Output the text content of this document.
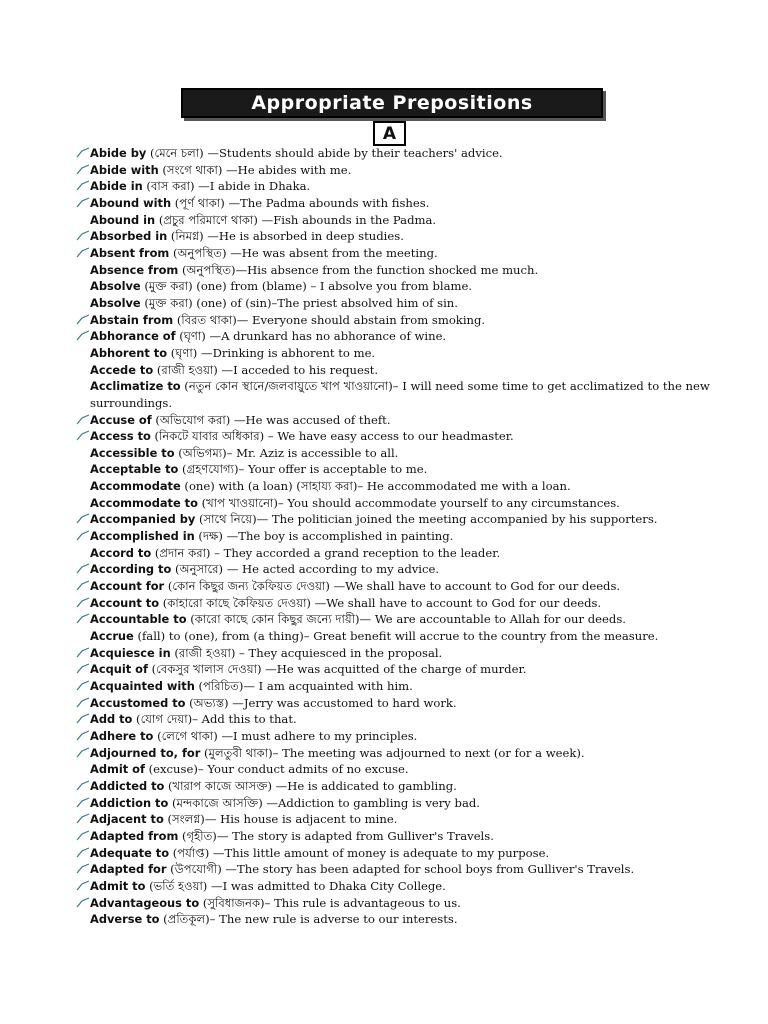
Appropriate Prepositions
A
Abide by (মেনে চলা) —Students should abide by their teachers' advice.
Abide with (সংগে থাকা) —He abides with me.
Abide in (বাস করা) —I abide in Dhaka.
Abound with (পূর্ণ থাকা) —The Padma abounds with fishes.
Abound in (প্রচুর পরিমাণে থাকা) —Fish abounds in the Padma.
Absorbed in (নিমগ্ন) —He is absorbed in deep studies.
Absent from (অনুপস্থিত) —He was absent from the meeting.
Absence from (অনুপস্থিত)—His absence from the function shocked me much.
Absolve (মুক্ত করা) (one) from (blame) – I absolve you from blame.
Absolve (মুক্ত করা) (one) of (sin)–The priest absolved him of sin.
Abstain from (বিরত থাকা)— Everyone should abstain from smoking.
Abhorance of (ঘৃণা) —A drunkard has no abhorance of wine.
Abhorent to (ঘৃণা) —Drinking is abhorent to me.
Accede to (রাজী হওয়া) —I acceded to his request.
Acclimatize to (নতুন কোন স্থানে/জলবায়ুতে খাপ খাওয়ানো)– I will need some time to get acclimatized to the new surroundings.
Accuse of (অভিযোগ করা) —He was accused of theft.
Access to (নিকটে যাবার অধিকার) – We have easy access to our headmaster.
Accessible to (অভিগম্য)– Mr. Aziz is accessible to all.
Acceptable to (গ্রহণযোগ্য)– Your offer is acceptable to me.
Accommodate (one) with (a loan) (সাহায্য করা)– He accommodated me with a loan.
Accommodate to (খাপ খাওয়ানো)– You should accommodate yourself to any circumstances.
Accompanied by (সাথে নিয়ে)— The politician joined the meeting accompanied by his supporters.
Accomplished in (দক্ষ) —The boy is accomplished in painting.
Accord to (প্রদান করা) – They accorded a grand reception to the leader.
According to (অনুসারে) — He acted according to my advice.
Account for (কোন কিছুর জন্য কৈফিয়ত দেওয়া) —We shall have to account to God for our deeds.
Account to (কাহারো কাছে কৈফিয়ত দেওয়া) —We shall have to account to God for our deeds.
Accountable to (কারো কাছে কোন কিছুর জন্যে দায়ী)— We are accountable to Allah for our deeds.
Accrue (fall) to (one), from (a thing)– Great benefit will accrue to the country from the measure.
Acquiesce in (রাজী হওয়া) – They acquiesced in the proposal.
Acquit of (বেকসুর খালাস দেওয়া) —He was acquitted of the charge of murder.
Acquainted with (পরিচিত)— I am acquainted with him.
Accustomed to (অভ্যস্ত) —Jerry was accustomed to hard work.
Add to (যোগ দেয়া)– Add this to that.
Adhere to (লেগে থাকা) —I must adhere to my principles.
Adjourned to, for (মুলতুবী থাকা)– The meeting was adjourned to next (or for a week).
Admit of (excuse)– Your conduct admits of no excuse.
Addicted to (খারাপ কাজে আসক্ত) —He is addicated to gambling.
Addiction to (মন্দকাজে আসক্তি) —Addiction to gambling is very bad.
Adjacent to (সংলগ্ন)— His house is adjacent to mine.
Adapted from (গৃহীত)— The story is adapted from Gulliver's Travels.
Adequate to (পর্যাপ্ত) —This little amount of money is adequate to my purpose.
Adapted for (উপযোগী) —The story has been adapted for school boys from Gulliver's Travels.
Admit to (ভর্তি হওয়া) —I was admitted to Dhaka City College.
Advantageous to (সুবিধাজনক)– This rule is advantageous to us.
Adverse to (প্রতিকূল)– The new rule is adverse to our interests.
